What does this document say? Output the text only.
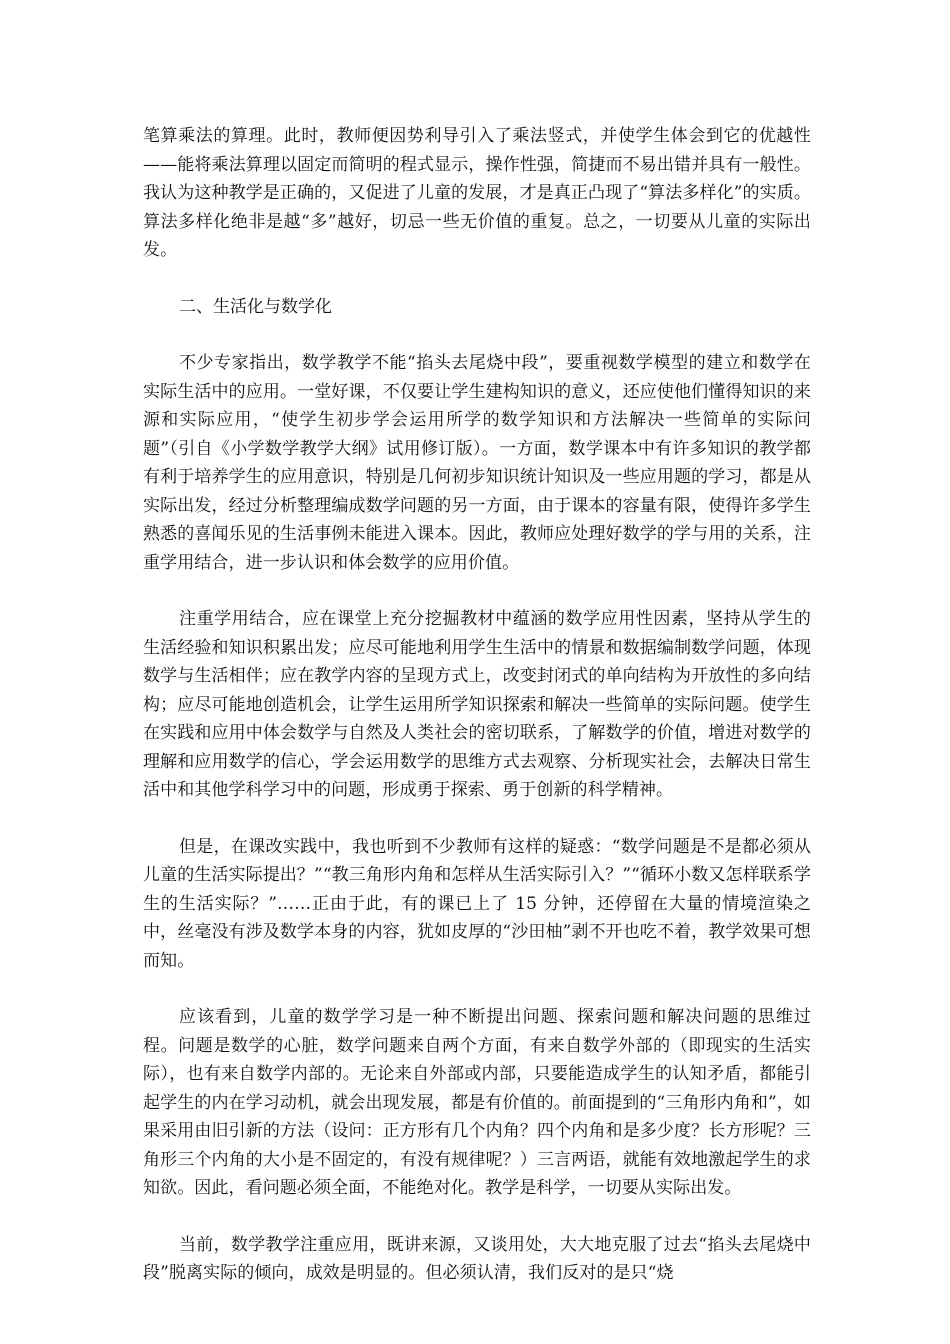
笔算乘法的算理。此时，教师便因势利导引入了乘法竖式，并使学生体会到它的优越性——能将乘法算理以固定而简明的程式显示，操作性强，简捷而不易出错并具有一般性。我认为这种教学是正确的，又促进了儿童的发展，才是真正凸现了“算法多样化”的实质。算法多样化绝非是越“多”越好，切忌一些无价值的重复。总之，一切要从儿童的实际出发。

二、生活化与数学化

不少专家指出，数学教学不能“掐头去尾烧中段”，要重视数学模型的建立和数学在实际生活中的应用。一堂好课，不仅要让学生建构知识的意义，还应使他们懂得知识的来源和实际应用，“使学生初步学会运用所学的数学知识和方法解决一些简单的实际问题”（引自《小学数学教学大纲》试用修订版）。一方面，数学课本中有许多知识的教学都有利于培养学生的应用意识，特别是几何初步知识统计知识及一些应用题的学习，都是从实际出发，经过分析整理编成数学问题的另一方面，由于课本的容量有限，使得许多学生熟悉的喜闻乐见的生活事例未能进入课本。因此，教师应处理好数学的学与用的关系，注重学用结合，进一步认识和体会数学的应用价值。

注重学用结合，应在课堂上充分挖掘教材中蕴涵的数学应用性因素，坚持从学生的生活经验和知识积累出发；应尽可能地利用学生生活中的情景和数据编制数学问题，体现数学与生活相伴；应在教学内容的呈现方式上，改变封闭式的单向结构为开放性的多向结构；应尽可能地创造机会，让学生运用所学知识探索和解决一些简单的实际问题。使学生在实践和应用中体会数学与自然及人类社会的密切联系，了解数学的价值，增进对数学的理解和应用数学的信心，学会运用数学的思维方式去观察、分析现实社会，去解决日常生活中和其他学科学习中的问题，形成勇于探索、勇于创新的科学精神。

但是，在课改实践中，我也听到不少教师有这样的疑惑：“数学问题是不是都必须从儿童的生活实际提出？”“教三角形内角和怎样从生活实际引入？”“循环小数又怎样联系学生的生活实际？”……正由于此，有的课已上了 15 分钟，还停留在大量的情境渲染之中，丝毫没有涉及数学本身的内容，犹如皮厚的“沙田柚”剥不开也吃不着，教学效果可想而知。

应该看到，儿童的数学学习是一种不断提出问题、探索问题和解决问题的思维过程。问题是数学的心脏，数学问题来自两个方面，有来自数学外部的（即现实的生活实际），也有来自数学内部的。无论来自外部或内部，只要能造成学生的认知矛盾，都能引起学生的内在学习动机，就会出现发展，都是有价值的。前面提到的“三角形内角和”，如果采用由旧引新的方法（设问：正方形有几个内角？四个内角和是多少度？长方形呢？三角形三个内角的大小是不固定的，有没有规律呢？）三言两语，就能有效地激起学生的求知欲。因此，看问题必须全面，不能绝对化。教学是科学，一切要从实际出发。

当前，数学教学注重应用，既讲来源，又谈用处，大大地克服了过去“掐头去尾烧中段”脱离实际的倾向，成效是明显的。但必须认清，我们反对的是只“烧
